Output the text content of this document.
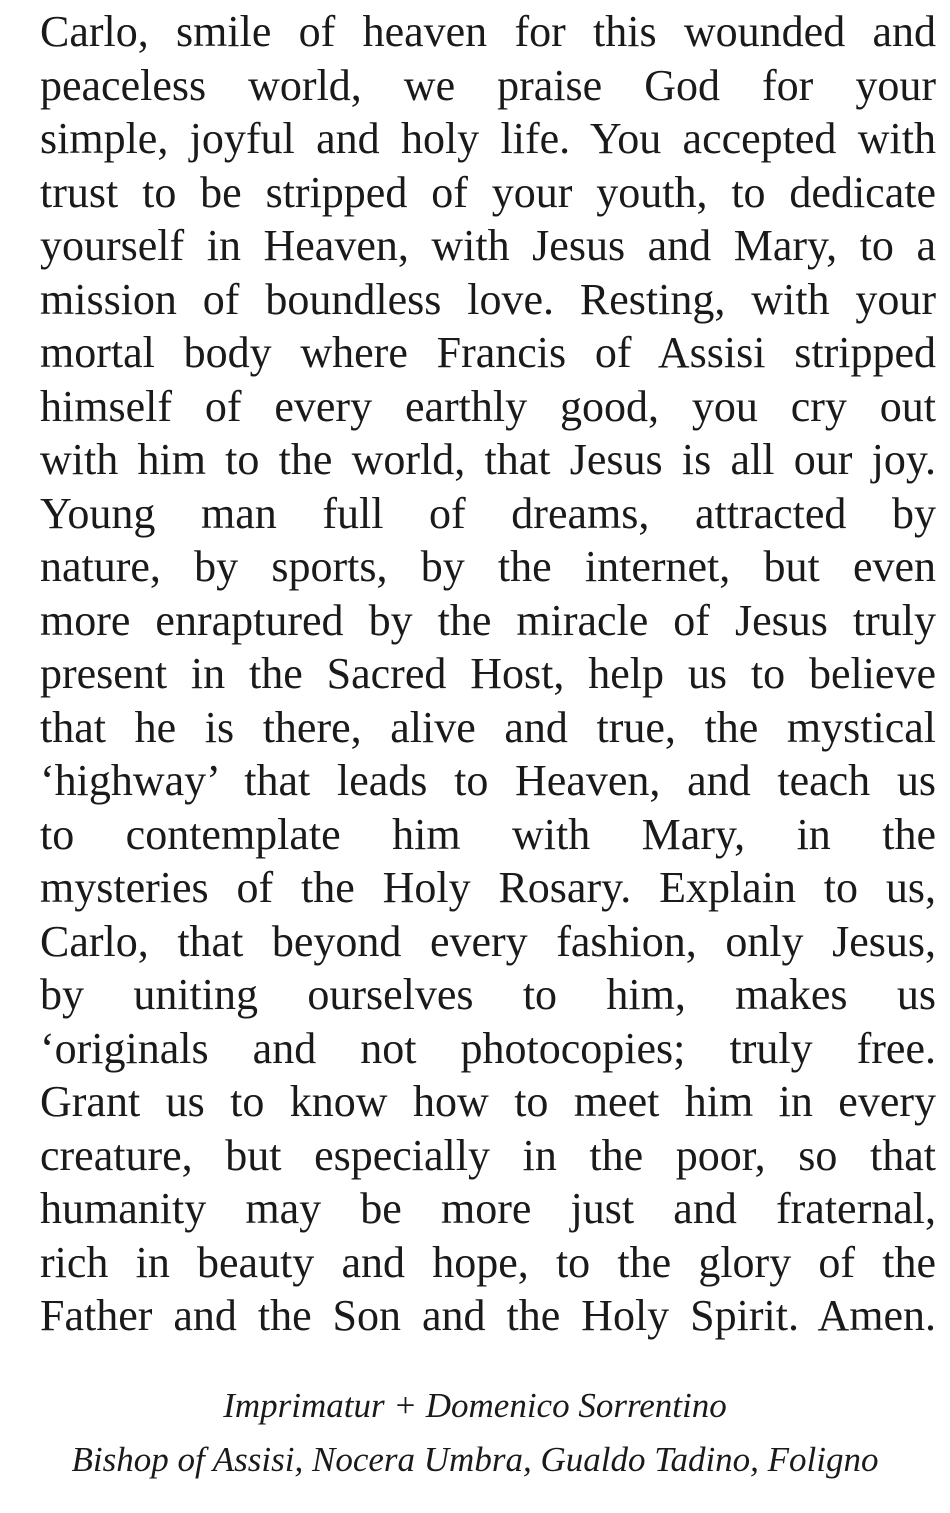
Carlo, smile of heaven for this wounded and
peaceless world, we praise God for your
simple, joyful and holy life. You accepted with
trust to be stripped of your youth, to dedicate
yourself in Heaven, with Jesus and Mary, to a
mission of boundless love. Resting, with your
mortal body where Francis of Assisi stripped
himself of every earthly good, you cry out
with him to the world, that Jesus is all our joy.
Young man full of dreams, attracted by
nature, by sports, by the internet, but even
more enraptured by the miracle of Jesus truly
present in the Sacred Host, help us to believe
that he is there, alive and true, the mystical
‘highway’ that leads to Heaven, and teach us
to contemplate him with Mary, in the
mysteries of the Holy Rosary. Explain to us,
Carlo, that beyond every fashion, only Jesus,
by uniting ourselves to him, makes us
‘originals and not photocopies; truly free.
Grant us to know how to meet him in every
creature, but especially in the poor, so that
humanity may be more just and fraternal,
rich in beauty and hope, to the glory of the
Father and the Son and the Holy Spirit. Amen.
Imprimatur + Domenico Sorrentino
Bishop of Assisi, Nocera Umbra, Gualdo Tadino, Foligno
